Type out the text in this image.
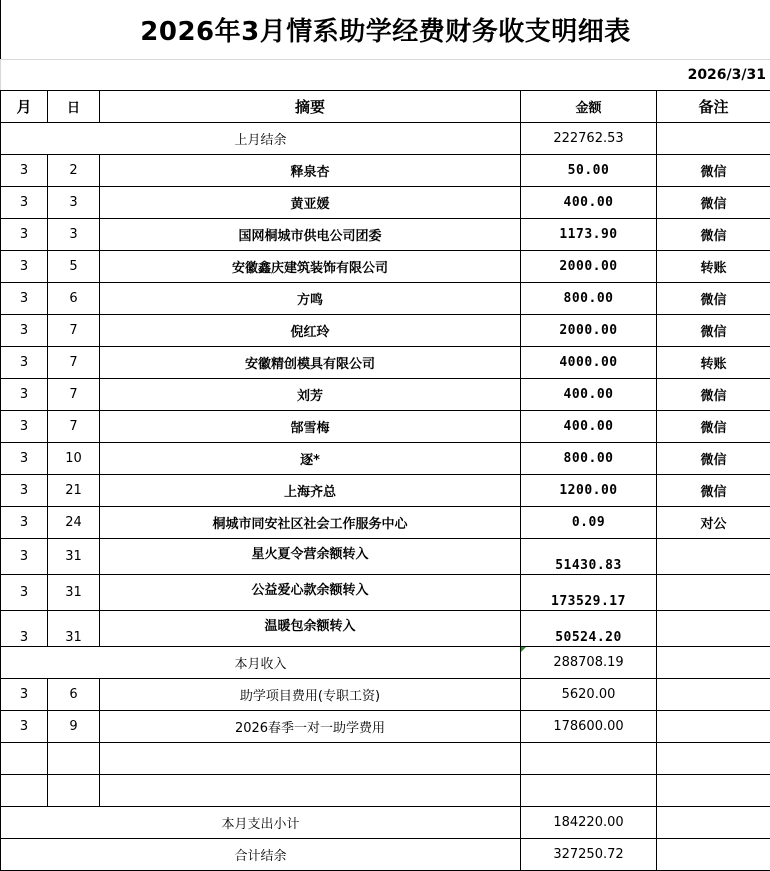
2026年3月情系助学经费财务收支明细表
2026/3/31
月	日	摘要	金额	备注
上月结余			222762.53	
3	2	释泉杏	50.00	微信
3	3	黄亚媛	400.00	微信
3	3	国网桐城市供电公司团委	1173.90	微信
3	5	安徽鑫庆建筑装饰有限公司	2000.00	转账
3	6	方鸣	800.00	微信
3	7	倪红玲	2000.00	微信
3	7	安徽精创模具有限公司	4000.00	转账
3	7	刘芳	400.00	微信
3	7	郜雪梅	400.00	微信
3	10	逐*	800.00	微信
3	21	上海齐总	1200.00	微信
3	24	桐城市同安社区社会工作服务中心	0.09	对公
3	31	星火夏令营余额转入	51430.83	
3	31	公益爱心款余额转入	173529.17	
3	31	温暖包余额转入	50524.20	
本月收入			288708.19	
3	6	助学项目费用(专职工资)	5620.00	
3	9	2026春季一对一助学费用	178600.00	

本月支出小计			184220.00	
合计结余			327250.72	
